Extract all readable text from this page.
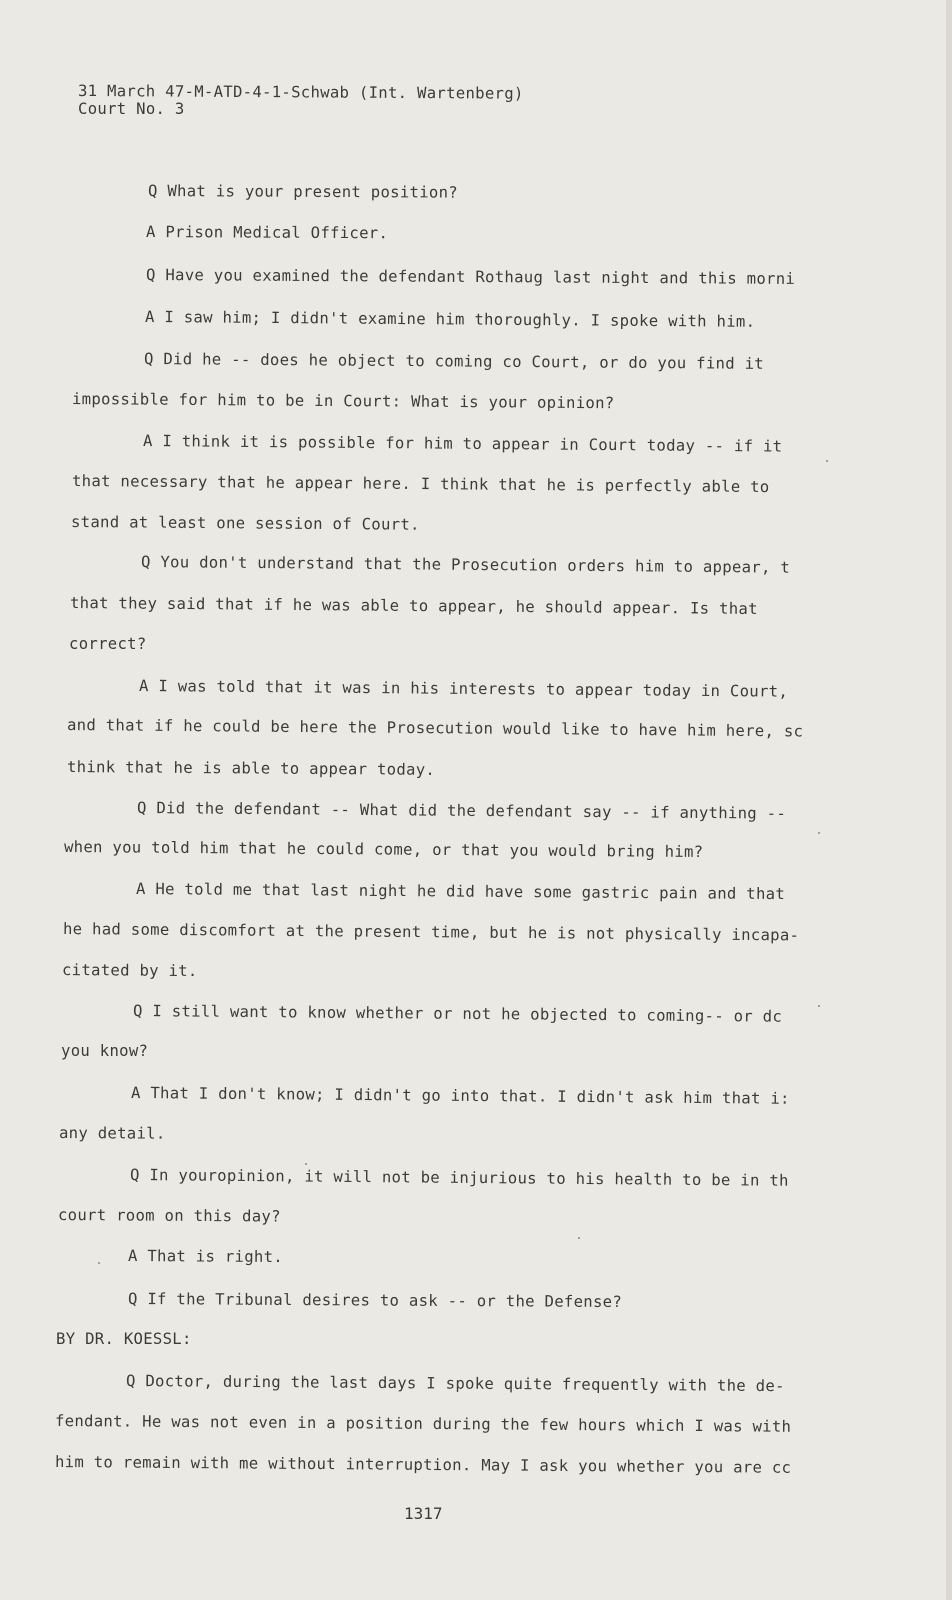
31 March 47-M-ATD-4-1-Schwab (Int. Wartenberg)
Court No. 3
Q What is your present position?
A Prison Medical Officer.
Q Have you examined the defendant Rothaug last night and this morni
A I saw him; I didn't examine him thoroughly. I spoke with him.
Q Did he -- does he object to coming co Court, or do you find it
impossible for him to be in Court: What is your opinion?
A I think it is possible for him to appear in Court today -- if it
that necessary that he appear here. I think that he is perfectly able to
stand at least one session of Court.
Q You don't understand that the Prosecution orders him to appear, t
that they said that if he was able to appear, he should appear. Is that
correct?
A I was told that it was in his interests to appear today in Court,
and that if he could be here the Prosecution would like to have him here, sc
think that he is able to appear today.
Q Did the defendant -- What did the defendant say -- if anything --
when you told him that he could come, or that you would bring him?
A He told me that last night he did have some gastric pain and that
he had some discomfort at the present time, but he is not physically incapa-
citated by it.
Q I still want to know whether or not he objected to coming-- or dc
you know?
A That I don't know; I didn't go into that. I didn't ask him that i:
any detail.
Q In youropinion, it will not be injurious to his health to be in th
court room on this day?
A That is right.
Q If the Tribunal desires to ask -- or the Defense?
BY DR. KOESSL:
Q Doctor, during the last days I spoke quite frequently with the de-
fendant. He was not even in a position during the few hours which I was with
him to remain with me without interruption. May I ask you whether you are cc
1317
